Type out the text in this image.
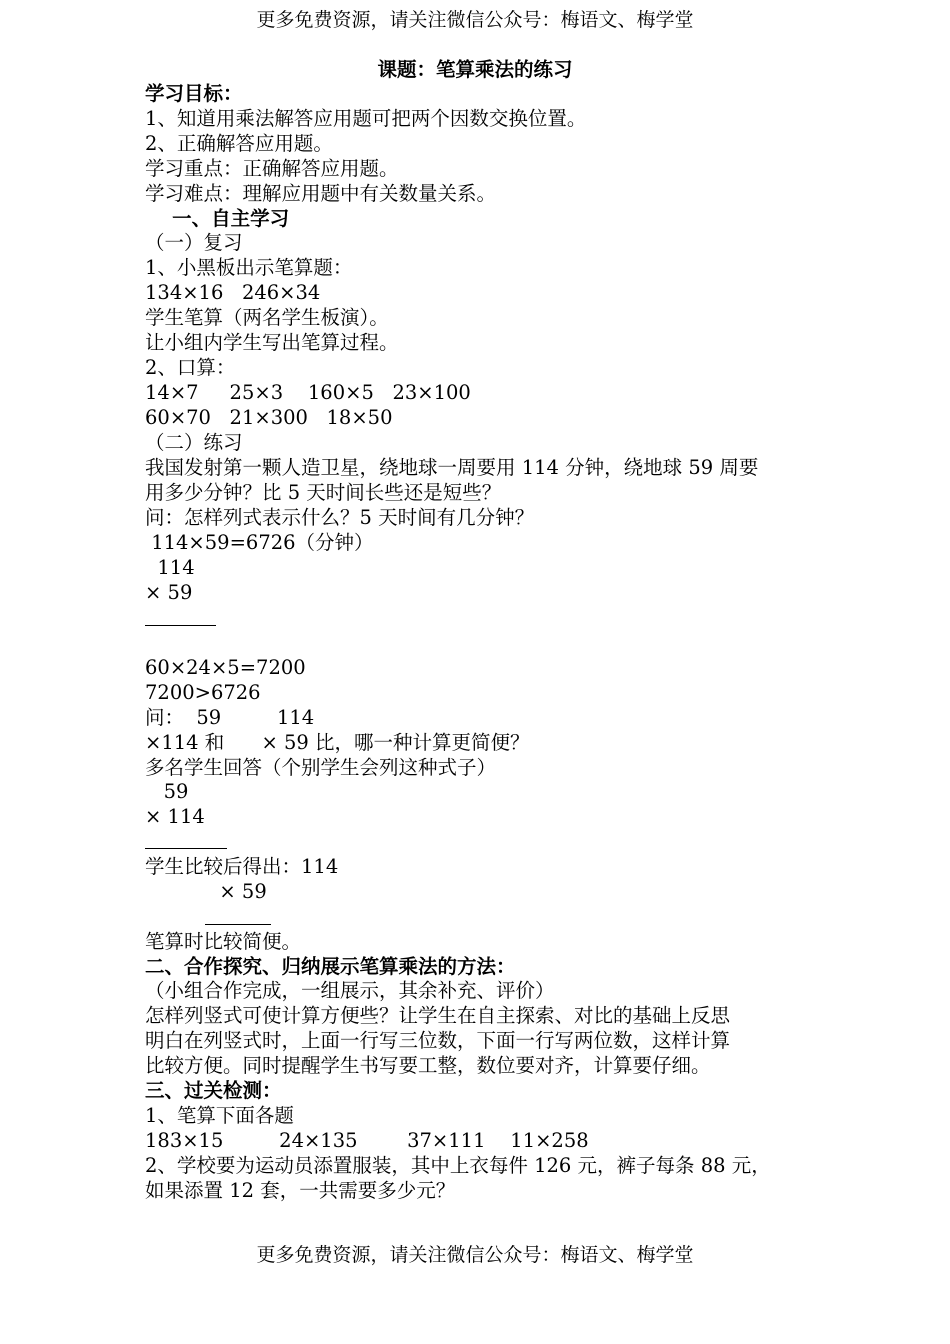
更多免费资源，请关注微信公众号：梅语文、梅学堂
课题：笔算乘法的练习
学习目标：
1、知道用乘法解答应用题可把两个因数交换位置。
2、正确解答应用题。
学习重点：正确解答应用题。
学习难点：理解应用题中有关数量关系。
一、自主学习
（一）复习
1、小黑板出示笔算题：
134×16   246×34
学生笔算（两名学生板演）。
让小组内学生写出笔算过程。
2、口算：
14×7     25×3    160×5   23×100
60×70   21×300   18×50
（二）练习
我国发射第一颗人造卫星，绕地球一周要用 114 分钟，绕地球 59 周要
用多少分钟？比 5 天时间长些还是短些？
问：怎样列式表示什么？5 天时间有几分钟？
114×59=6726（分钟）
114
× 59
60×24×5=7200
7200>6726
问：  59         114
×114 和      × 59 比，哪一种计算更简便？
多名学生回答（个别学生会列这种式子）
59
× 114
学生比较后得出：114
× 59
笔算时比较简便。
二、合作探究、归纳展示笔算乘法的方法：
（小组合作完成，一组展示，其余补充、评价）
怎样列竖式可使计算方便些？让学生在自主探索、对比的基础上反思
明白在列竖式时，上面一行写三位数，下面一行写两位数，这样计算
比较方便。同时提醒学生书写要工整，数位要对齐，计算要仔细。
三、过关检测：
1、笔算下面各题
183×15         24×135        37×111    11×258
2、学校要为运动员添置服装，其中上衣每件 126 元，裤子每条 88 元，
如果添置 12 套，一共需要多少元？
更多免费资源，请关注微信公众号：梅语文、梅学堂
